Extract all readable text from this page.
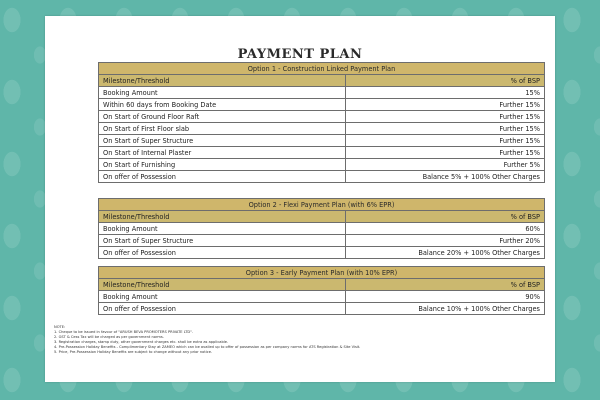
PAYMENT PLAN
Option 1 - Construction Linked Payment Plan	
Milestone/Threshold	% of BSP
Booking Amount	15%
Within 60 days from Booking Date	Further 15%
On Start of Ground Floor Raft	Further 15%
On Start of First Floor slab	Further 15%
On Start of Super Structure	Further 15%
On Start of Internal Plaster	Further 15%
On Start of Furnishing	Further 5%
On offer of Possession	Balance 5% + 100% Other Charges
Option 2 - Flexi Payment Plan (with 6% EPR)	
Milestone/Threshold	% of BSP
Booking Amount	60%
On Start of Super Structure	Further 20%
On offer of Possession	Balance 20% + 100% Other Charges
Option 3 - Early Payment Plan (with 10% EPR)	
Milestone/Threshold	% of BSP
Booking Amount	90%
On offer of Possession	Balance 10% + 100% Other Charges
NOTE:
1. Cheque to be issued in favour of "ARUSH BEVA PROMOTERS PRIVATE LTD".
2. GST & Cess Tax will be charged as per government norms.
3. Registration charges, stamp duty, other government charges etc. shall be extra as applicable.
4. Pre-Possession Holiday Benefits - Complimentary Stay at ZAMEO which can be availed up to offer of possession as per company norms for ATS Registration & Site Visit.
5. Price, Pre-Possession Holiday Benefits are subject to change without any prior notice.
